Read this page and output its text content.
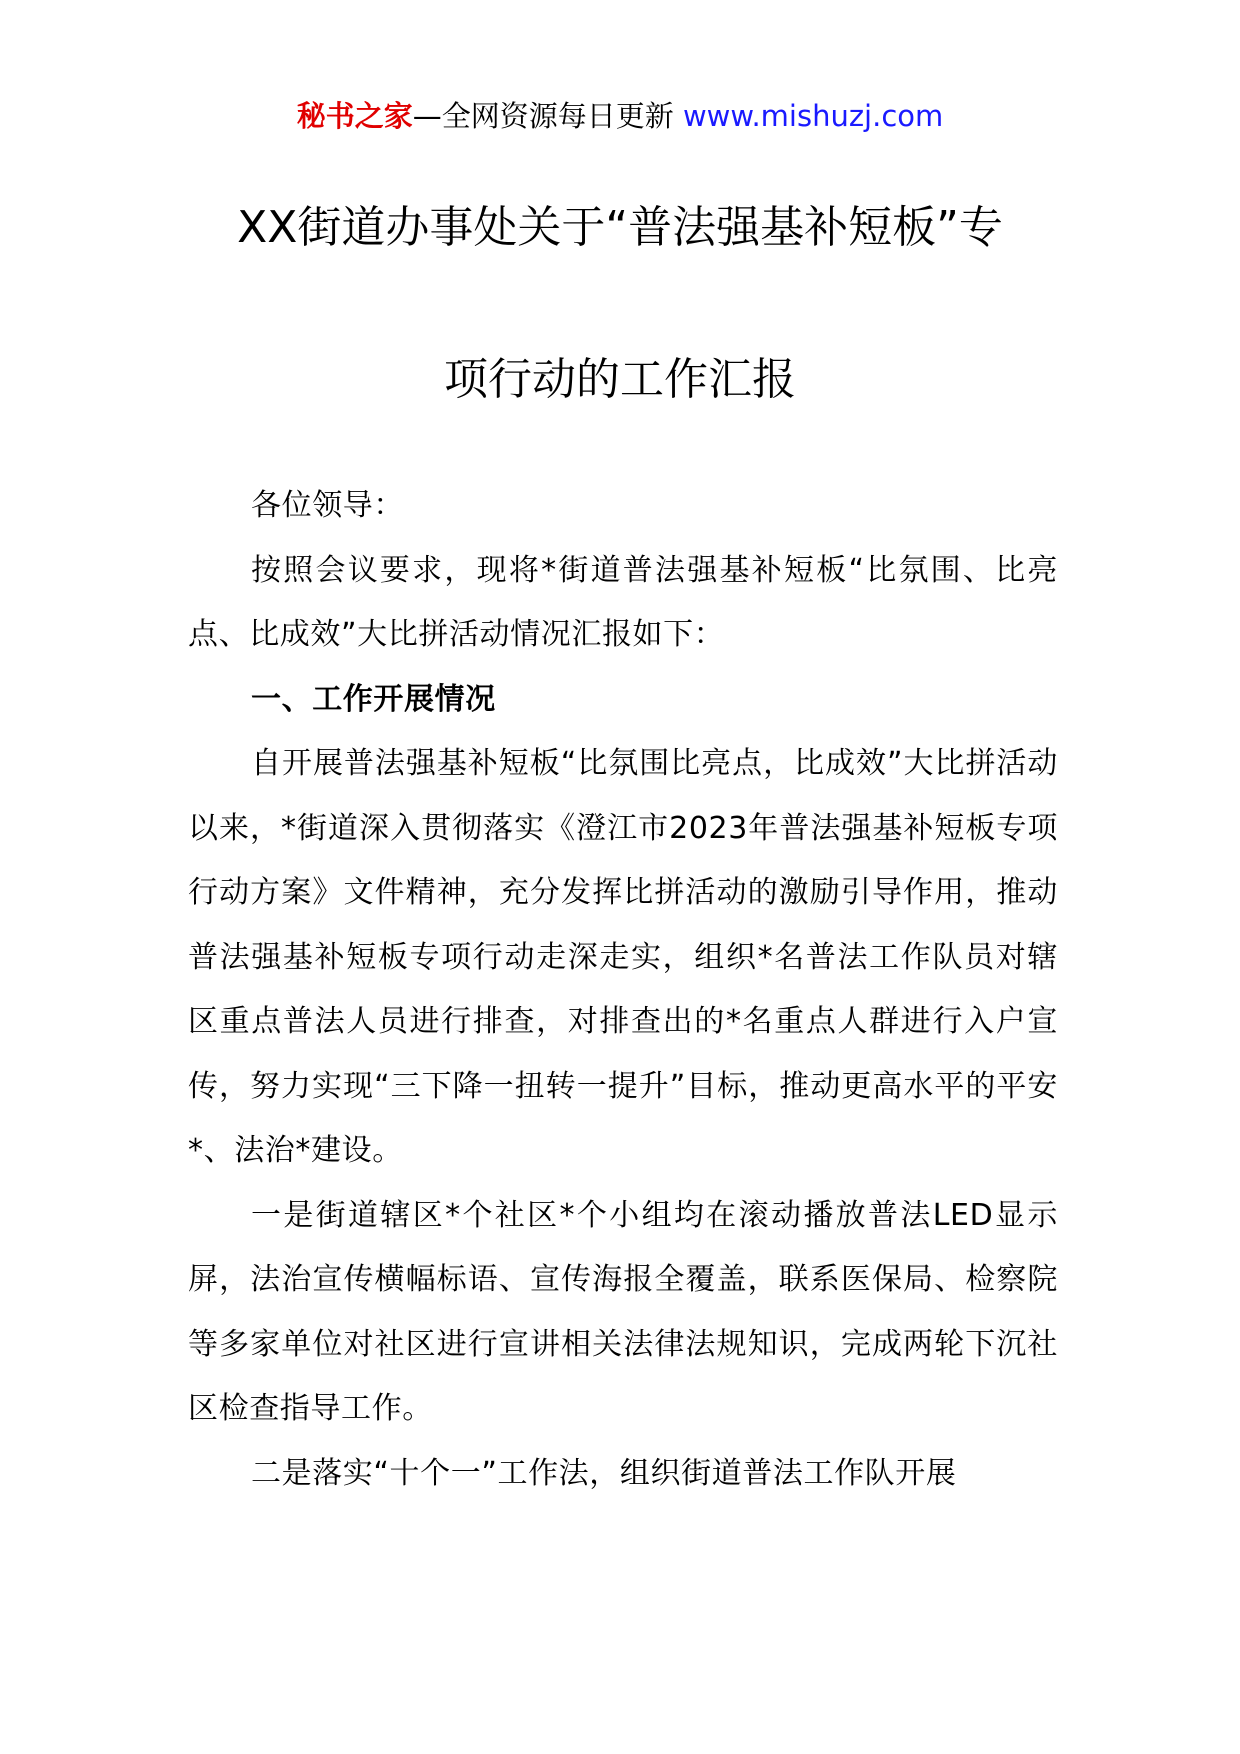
秘书之家—全网资源每日更新 www.mishuzj.com
XX街道办事处关于“普法强基补短板”专
项行动的工作汇报

各位领导：

按照会议要求，现将*街道普法强基补短板“比氛围、比亮点、比成效”大比拼活动情况汇报如下：

一、工作开展情况

自开展普法强基补短板“比氛围比亮点，比成效”大比拼活动以来，*街道深入贯彻落实《澄江市2023年普法强基补短板专项行动方案》文件精神，充分发挥比拼活动的激励引导作用，推动普法强基补短板专项行动走深走实，组织*名普法工作队员对辖区重点普法人员进行排查，对排查出的*名重点人群进行入户宣传，努力实现“三下降一扭转一提升”目标，推动更高水平的平安*、法治*建设。

一是街道辖区*个社区*个小组均在滚动播放普法LED显示屏，法治宣传横幅标语、宣传海报全覆盖，联系医保局、检察院等多家单位对社区进行宣讲相关法律法规知识，完成两轮下沉社区检查指导工作。

二是落实“十个一”工作法，组织街道普法工作队开展
